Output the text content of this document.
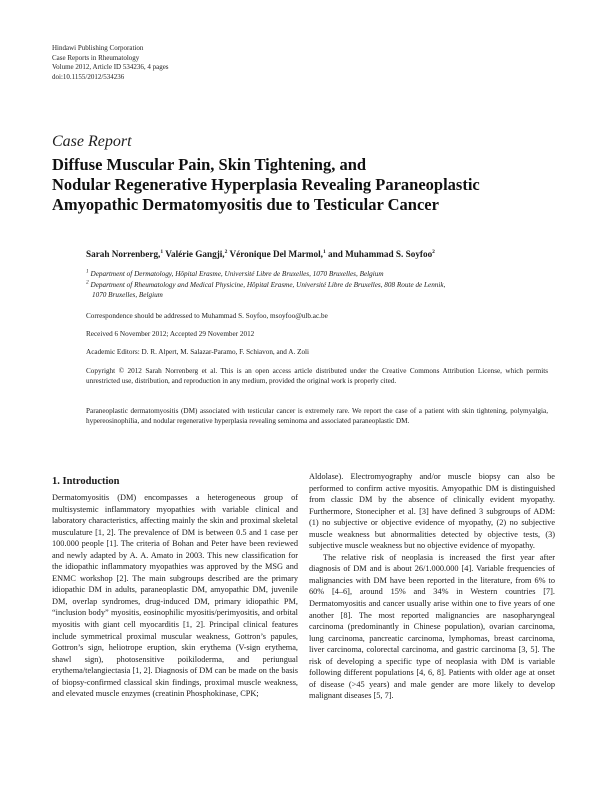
Hindawi Publishing Corporation
Case Reports in Rheumatology
Volume 2012, Article ID 534236, 4 pages
doi:10.1155/2012/534236
Case Report
Diffuse Muscular Pain, Skin Tightening, and
Nodular Regenerative Hyperplasia Revealing Paraneoplastic
Amyopathic Dermatomyositis due to Testicular Cancer
Sarah Norrenberg,$^1$ Valérie Gangji,$^2$ Véronique Del Marmol,$^1$ and Muhammad S. Soyfoo$^2$
$^1$ Department of Dermatology, Hôpital Erasme, Université Libre de Bruxelles, 1070 Bruxelles, Belgium
$^2$ Department of Rheumatology and Medical Physicine, Hôpital Erasme, Université Libre de Bruxelles, 808 Route de Lennik,
1070 Bruxelles, Belgium
Correspondence should be addressed to Muhammad S. Soyfoo, msoyfoo@ulb.ac.be
Received 6 November 2012; Accepted 29 November 2012
Academic Editors: D. R. Alpert, M. Salazar-Paramo, F. Schiavon, and A. Zoli
Copyright © 2012 Sarah Norrenberg et al. This is an open access article distributed under the Creative Commons Attribution License, which permits unrestricted use, distribution, and reproduction in any medium, provided the original work is properly cited.
Paraneoplastic dermatomyositis (DM) associated with testicular cancer is extremely rare. We report the case of a patient with skin tightening, polymyalgia, hypereosinophilia, and nodular regenerative hyperplasia revealing seminoma and associated paraneoplastic DM.
1. Introduction

Dermatomyositis (DM) encompasses a heterogeneous group of multisystemic inflammatory myopathies with variable clinical and laboratory characteristics, affecting mainly the skin and proximal skeletal musculature [1, 2]. The prevalence of DM is between 0.5 and 1 case per 100.000 people [1]. The criteria of Bohan and Peter have been reviewed and newly adapted by A. A. Amato in 2003. This new classification for the idiopathic inflammatory myopathies was approved by the MSG and ENMC workshop [2]. The main subgroups described are the primary idiopathic DM in adults, paraneoplastic DM, amyopathic DM, juvenile DM, overlap syndromes, drug-induced DM, primary idiopathic PM, “inclusion body” myositis, eosinophilic myositis/perimyositis, and orbital myositis with giant cell myocarditis [1, 2]. Principal clinical features include symmetrical proximal muscular weakness, Gottron’s papules, Gottron’s sign, heliotrope eruption, skin erythema (V-sign erythema, shawl sign), photosensitive poikiloderma, and periungual erythema/telangiectasia [1, 2]. Diagnosis of DM can be made on the basis of biopsy-confirmed classical skin findings, proximal muscle weakness, and elevated muscle enzymes (creatinin Phosphokinase, CPK;

Aldolase). Electromyography and/or muscle biopsy can also be performed to confirm active myositis. Amyopathic DM is distinguished from classic DM by the absence of clinically evident myopathy. Furthermore, Stonecipher et al. [3] have defined 3 subgroups of ADM: (1) no subjective or objective evidence of myopathy, (2) no subjective muscle weakness but abnormalities detected by objective tests, (3) subjective muscle weakness but no objective evidence of myopathy.

The relative risk of neoplasia is increased the first year after diagnosis of DM and is about 26/1.000.000 [4]. Variable frequencies of malignancies with DM have been reported in the literature, from 6% to 60% [4–6], around 15% and 34% in Western countries [7]. Dermatomyositis and cancer usually arise within one to five years of one another [8]. The most reported malignancies are nasopharyngeal carcinoma (predominantly in Chinese population), ovarian carcinoma, lung carcinoma, pancreatic carcinoma, lymphomas, breast carcinoma, liver carcinoma, colorectal carcinoma, and gastric carcinoma [3, 5]. The risk of developing a specific type of neoplasia with DM is variable following different populations [4, 6, 8]. Patients with older age at onset of disease (>45 years) and male gender are more likely to develop malignant diseases [5, 7].
